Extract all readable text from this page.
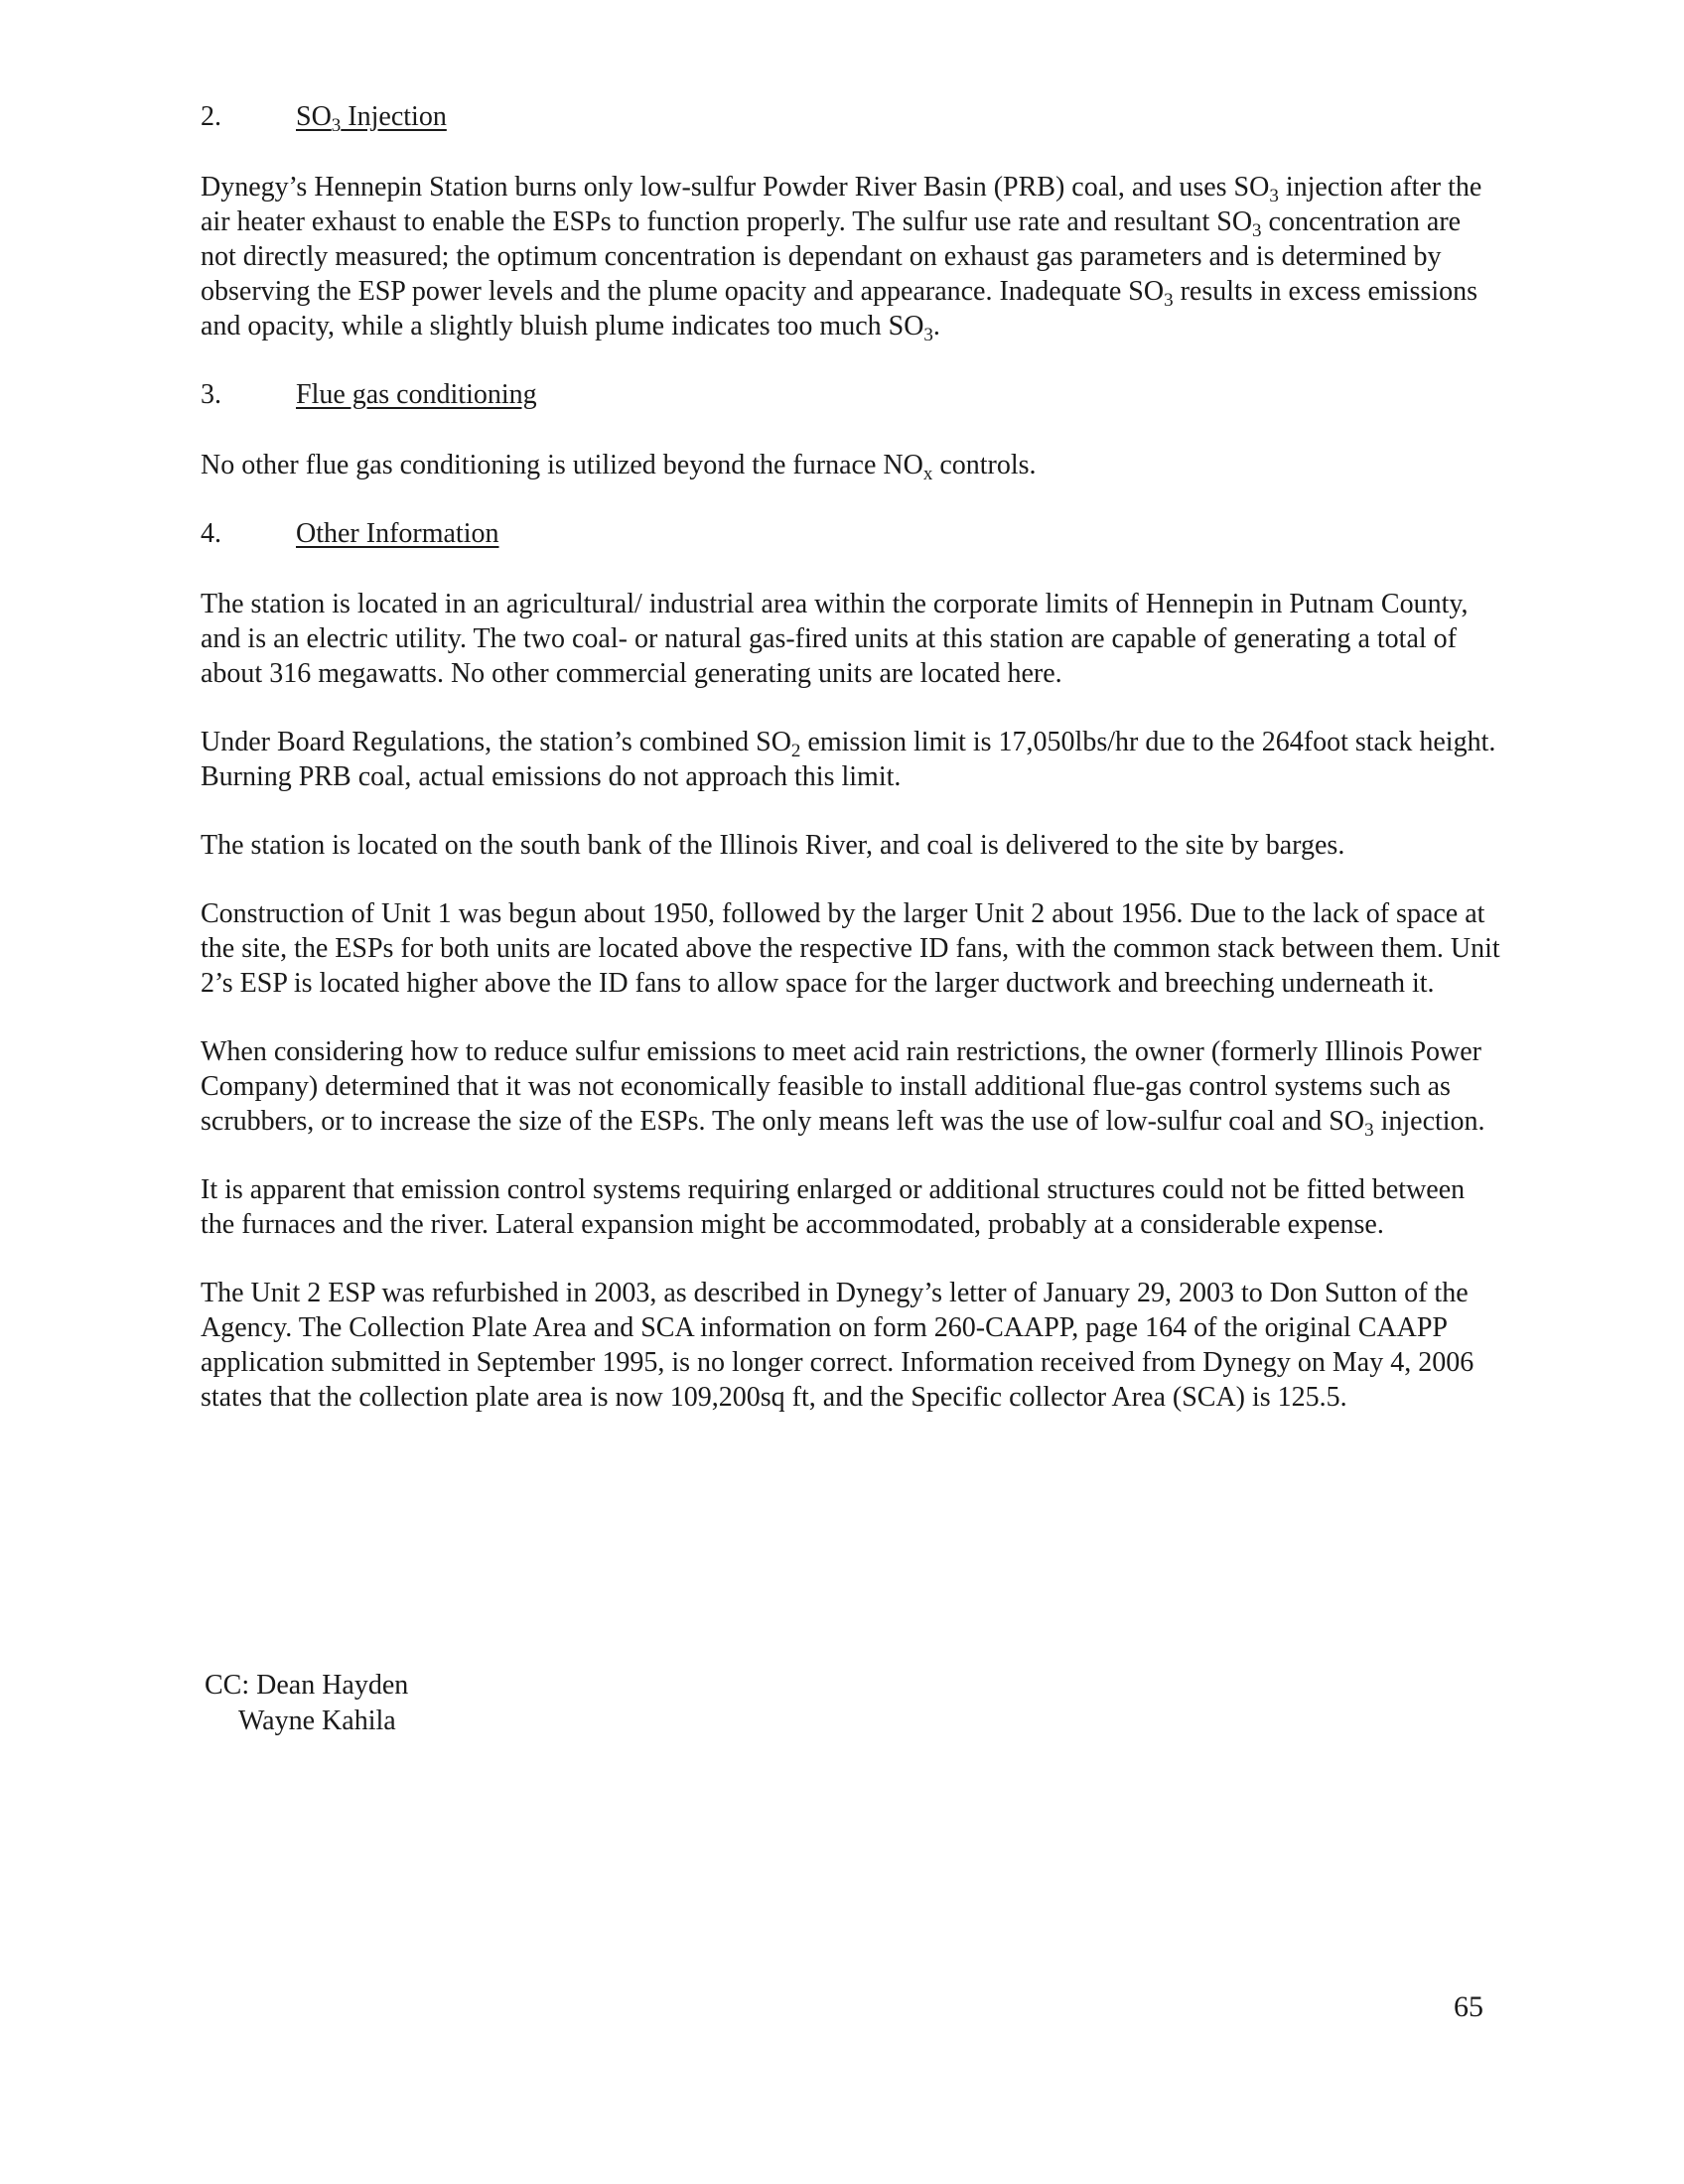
2.	$SO_3$ Injection

Dynegy’s Hennepin Station burns only low-sulfur Powder River Basin (PRB) coal, and uses $SO_3$ injection after the air heater exhaust to enable the ESPs to function properly. The sulfur use rate and resultant $SO_3$ concentration are not directly measured; the optimum concentration is dependant on exhaust gas parameters and is determined by observing the ESP power levels and the plume opacity and appearance. Inadequate $SO_3$ results in excess emissions and opacity, while a slightly bluish plume indicates too much $SO_3$.

3.	Flue gas conditioning

No other flue gas conditioning is utilized beyond the furnace $NO_x$ controls.

4.	Other Information

The station is located in an agricultural/ industrial area within the corporate limits of Hennepin in Putnam County, and is an electric utility. The two coal- or natural gas-fired units at this station are capable of generating a total of about 316 megawatts. No other commercial generating units are located here.

Under Board Regulations, the station’s combined $SO_2$ emission limit is 17,050lbs/hr due to the 264foot stack height. Burning PRB coal, actual emissions do not approach this limit.

The station is located on the south bank of the Illinois River, and coal is delivered to the site by barges.

Construction of Unit 1 was begun about 1950, followed by the larger Unit 2 about 1956. Due to the lack of space at the site, the ESPs for both units are located above the respective ID fans, with the common stack between them. Unit 2’s ESP is located higher above the ID fans to allow space for the larger ductwork and breeching underneath it.

When considering how to reduce sulfur emissions to meet acid rain restrictions, the owner (formerly Illinois Power Company) determined that it was not economically feasible to install additional flue-gas control systems such as scrubbers, or to increase the size of the ESPs. The only means left was the use of low-sulfur coal and $SO_3$ injection.

It is apparent that emission control systems requiring enlarged or additional structures could not be fitted between the furnaces and the river. Lateral expansion might be accommodated, probably at a considerable expense.

The Unit 2 ESP was refurbished in 2003, as described in Dynegy’s letter of January 29, 2003 to Don Sutton of the Agency. The Collection Plate Area and SCA information on form 260-CAAPP, page 164 of the original CAAPP application submitted in September 1995, is no longer correct. Information received from Dynegy on May 4, 2006 states that the collection plate area is now 109,200sq ft, and the Specific collector Area (SCA) is 125.5.

CC: Dean Hayden
Wayne Kahila
65
